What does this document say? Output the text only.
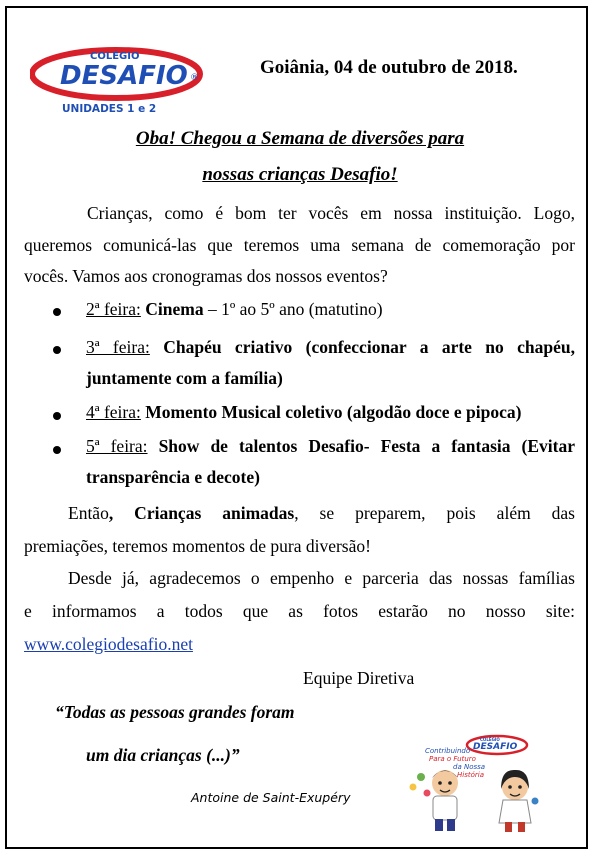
COLÉGIO
DESAFIO ®
UNIDADES 1 e 2
Goiânia, 04 de outubro de 2018.
Oba! Chegou a Semana de diversões para
nossas crianças Desafio!
Crianças, como é bom ter vocês em nossa instituição. Logo,
queremos comunicá-las que teremos uma semana de comemoração por
vocês. Vamos aos cronogramas dos nossos eventos?
2ª feira: Cinema – 1º ao 5º ano (matutino)
3ª feira: Chapéu criativo (confeccionar a arte no chapéu,
juntamente com a família)
4ª feira: Momento Musical coletivo (algodão doce e pipoca)
5ª feira: Show de talentos Desafio- Festa a fantasia (Evitar
transparência e decote)
Então, Crianças animadas, se preparem, pois além das
premiações, teremos momentos de pura diversão!
Desde já, agradecemos o empenho e parceria das nossas famílias
e informamos a todos que as fotos estarão no nosso site:
www.colegiodesafio.net
Equipe Diretiva
“Todas as pessoas grandes foram
um dia crianças (...)”
Antoine de Saint-Exupéry
COLÉGIO
DESAFIO
Contribuindo
Para o Futuro
da Nossa
História
